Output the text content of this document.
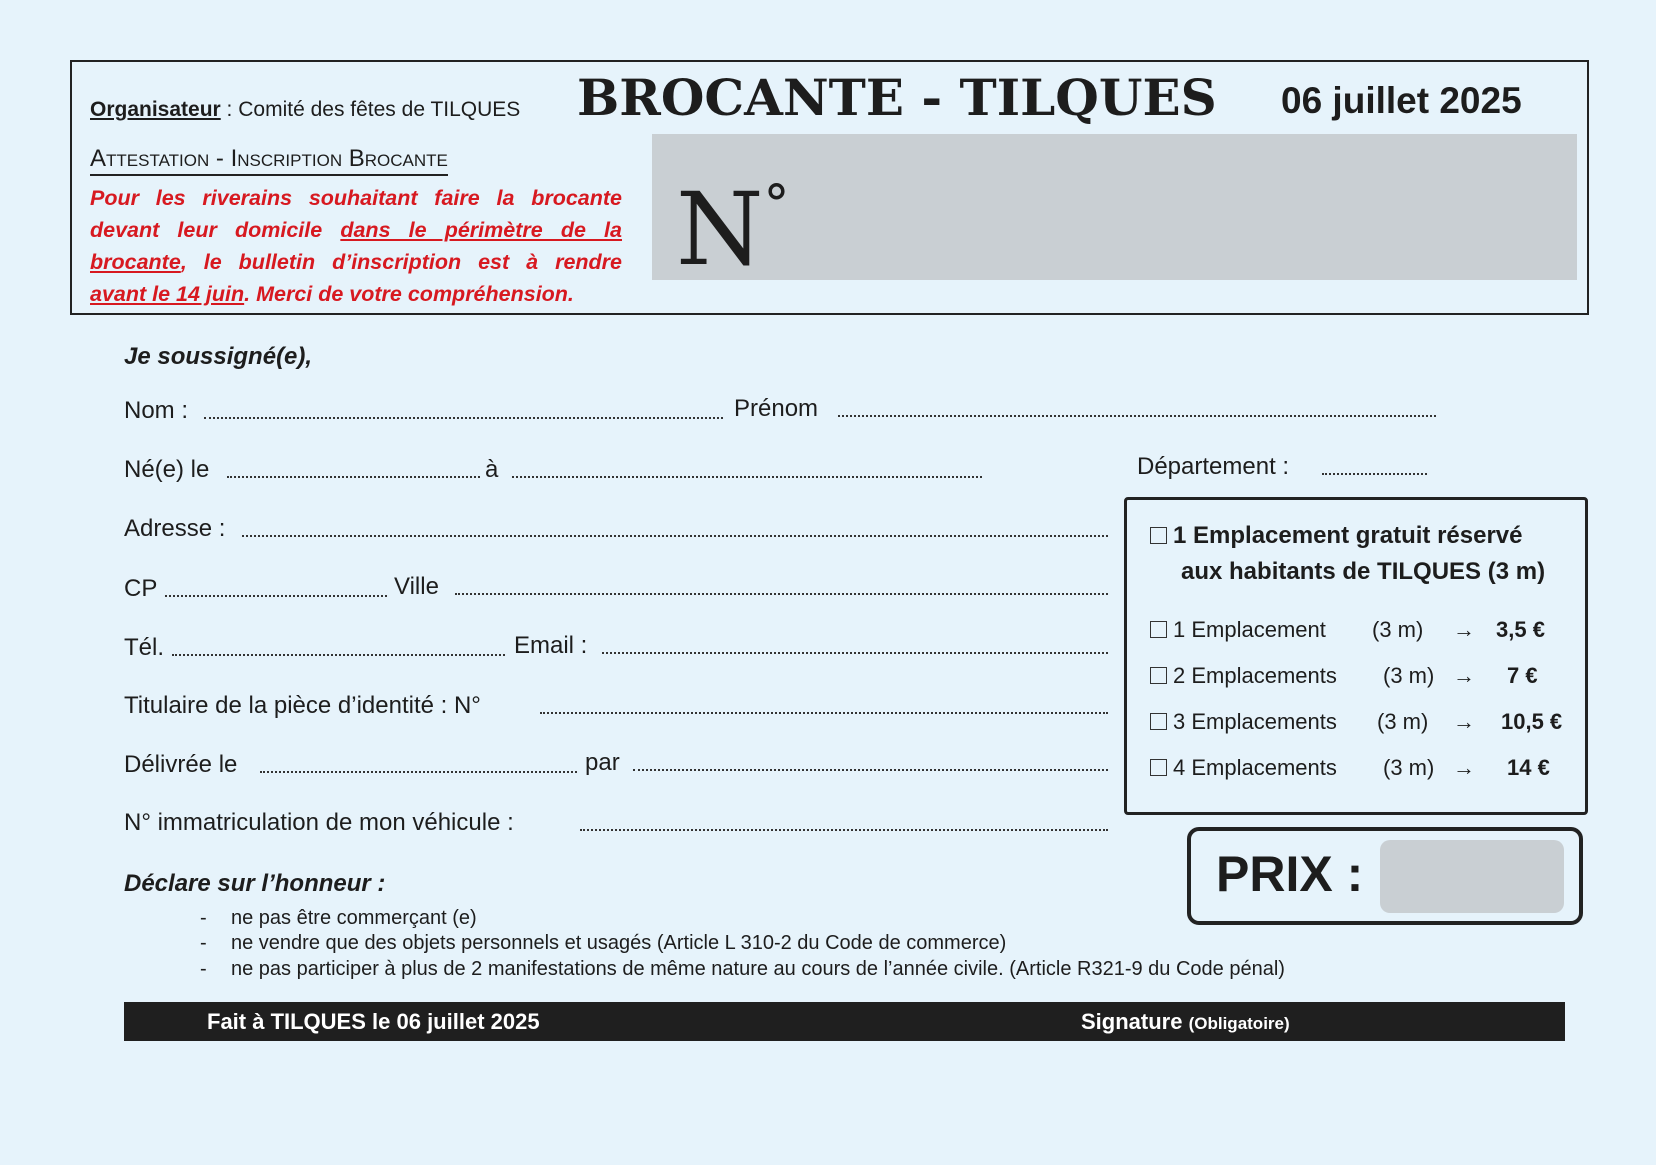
Organisateur : Comité des fêtes de TILQUES BROCANTE - TILQUES 06 juillet 2025
Attestation - Inscription Brocante
Pour les riverains souhaitant faire la brocante
devant leur domicile dans le périmètre de la
brocante, le bulletin d’inscription est à rendre
avant le 14 juin. Merci de votre compréhension.
N°
Je soussigné(e),
Nom :	Prénom
Né(e) le	à	Département :
Adresse :
CP	Ville
Tél.	Email :
Titulaire de la pièce d’identité : N°
Délivrée le	par
N° immatriculation de mon véhicule :
1 Emplacement gratuit réservé
aux habitants de TILQUES (3 m)
1 Emplacement (3 m) → 3,5 €
2 Emplacements (3 m) → 7 €
3 Emplacements (3 m) → 10,5 €
4 Emplacements (3 m) → 14 €
PRIX :
Déclare sur l’honneur :
- ne pas être commerçant (e)
- ne vendre que des objets personnels et usagés (Article L 310-2 du Code de commerce)
- ne pas participer à plus de 2 manifestations de même nature au cours de l’année civile. (Article R321-9 du Code pénal)
Fait à TILQUES le 06 juillet 2025	Signature (Obligatoire)
